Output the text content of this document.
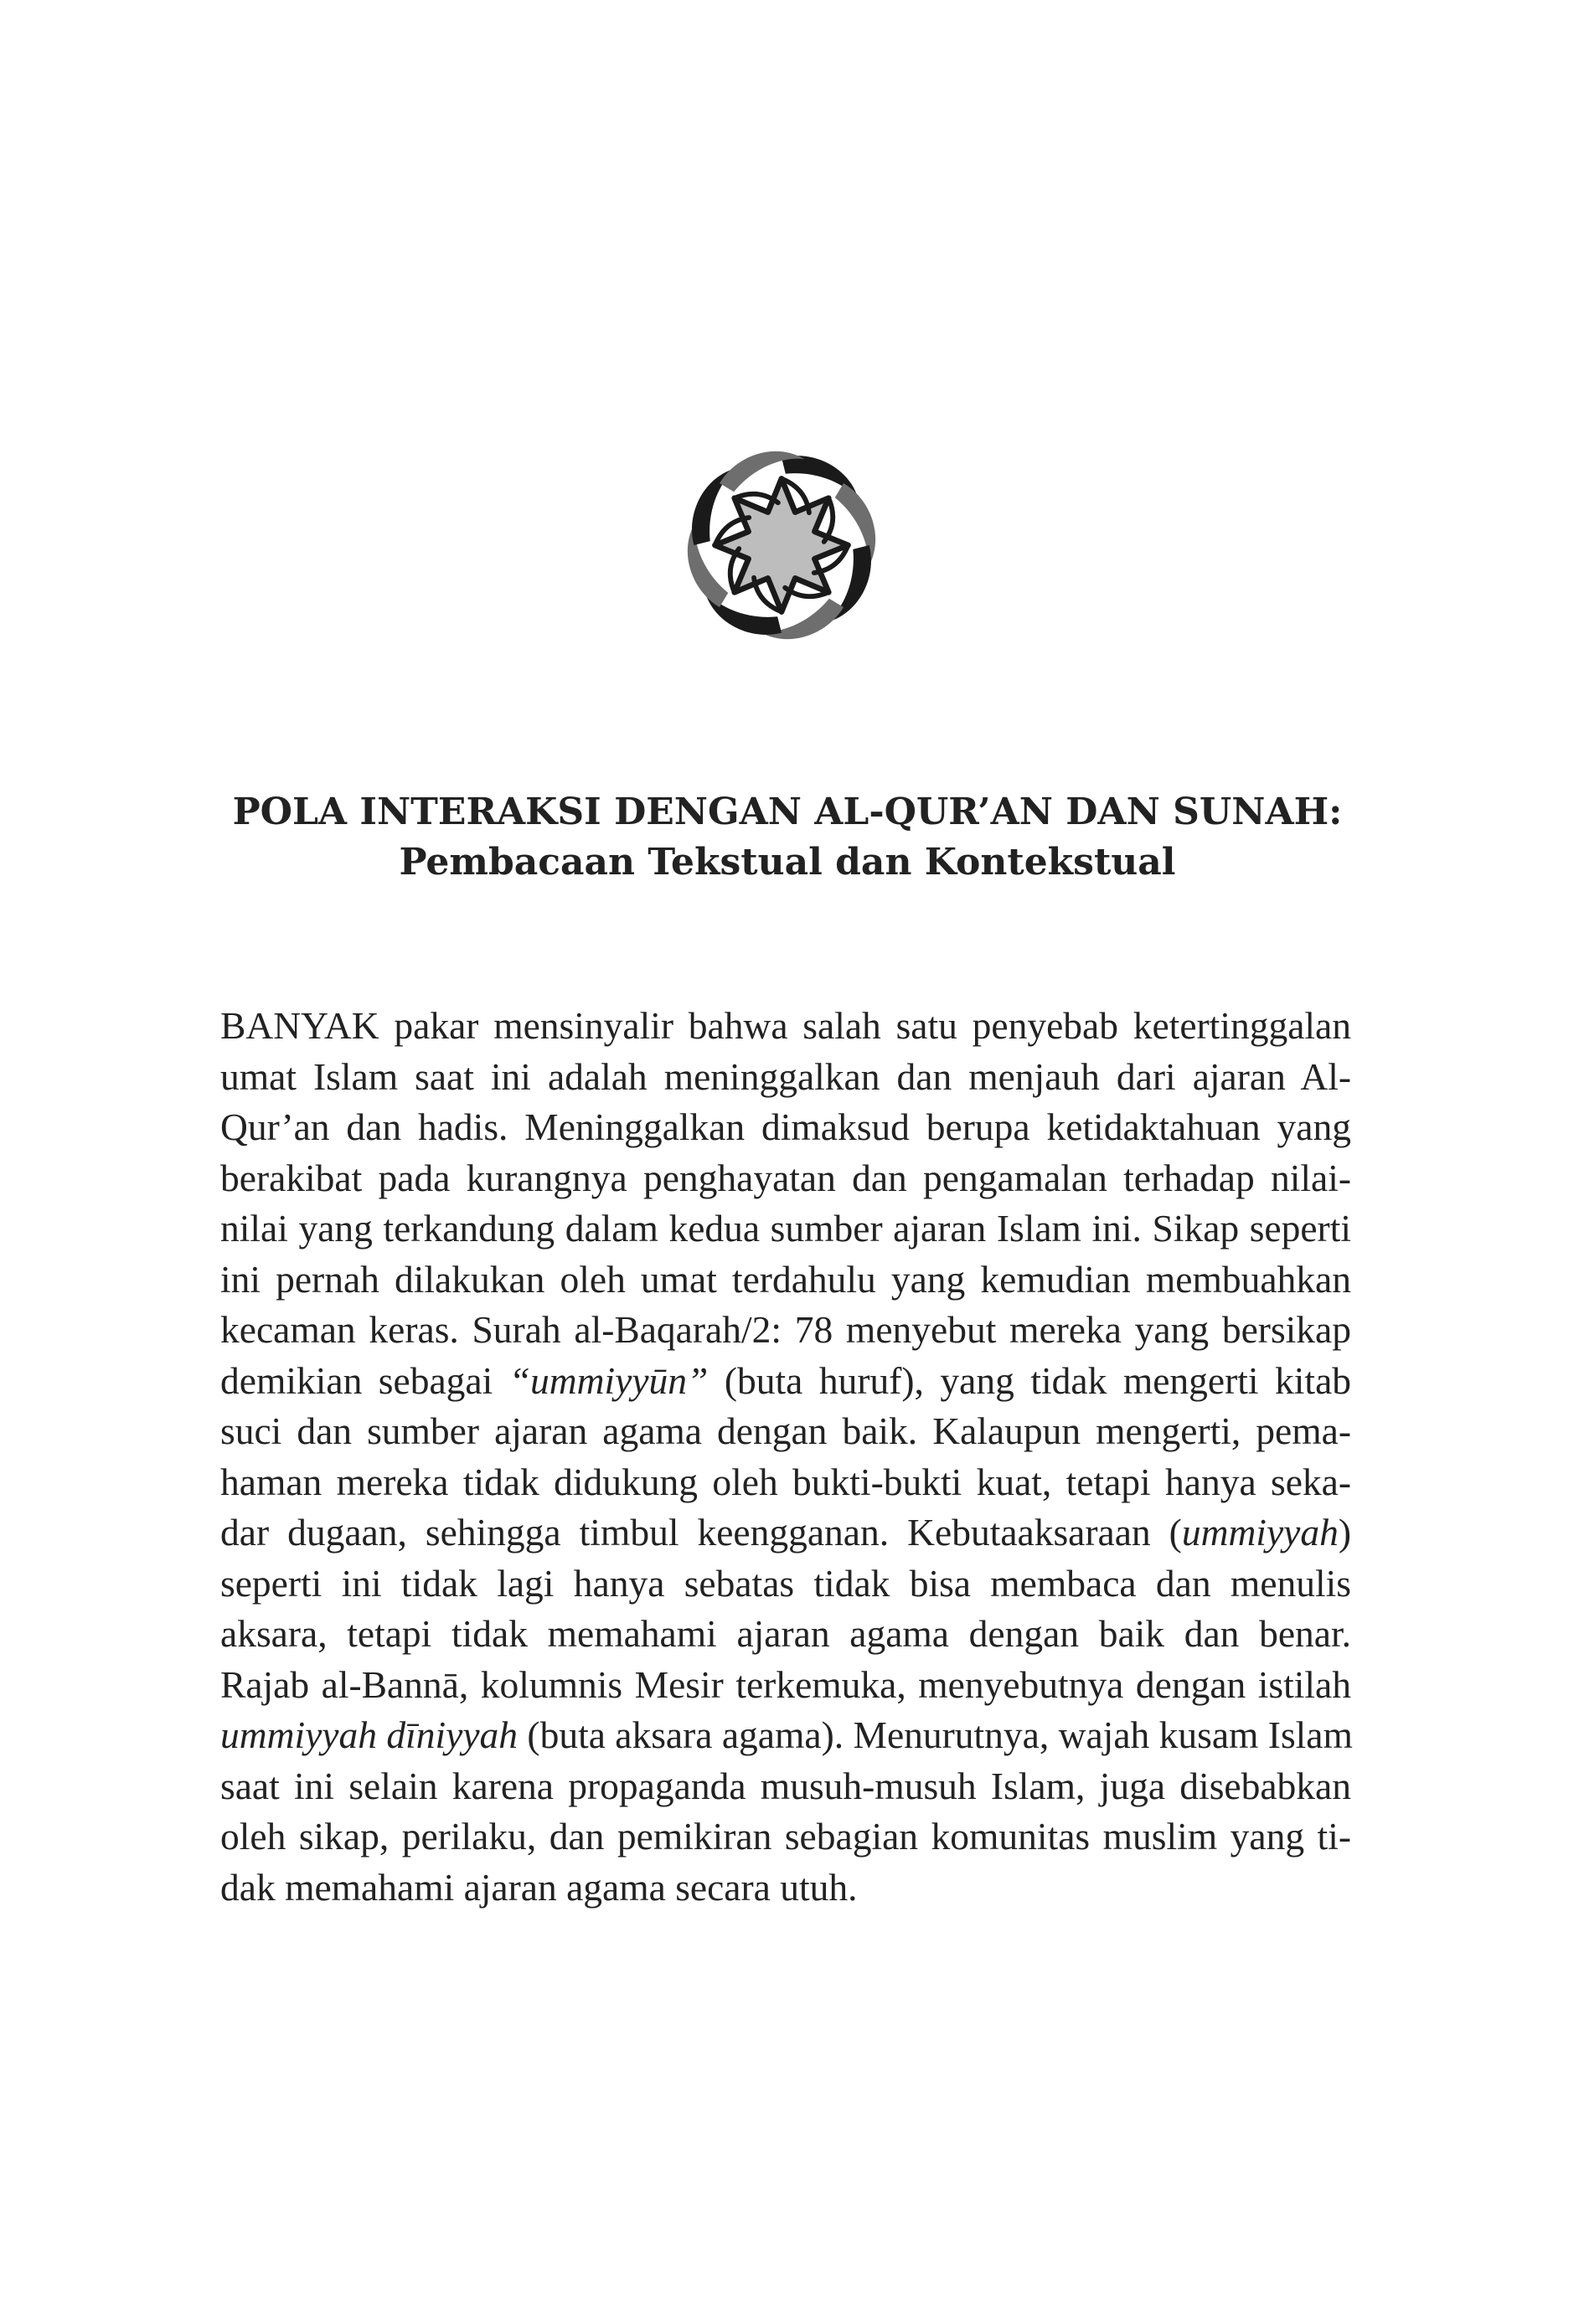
POLA INTERAKSI DENGAN AL-QUR’AN DAN SUNAH:
Pembacaan Tekstual dan Kontekstual
BANYAK pakar mensinyalir bahwa salah satu penyebab ketertinggalan
umat Islam saat ini adalah meninggalkan dan menjauh dari ajaran Al-
Qur’an dan hadis. Meninggalkan dimaksud berupa ketidaktahuan yang
berakibat pada kurangnya penghayatan dan pengamalan terhadap nilai-
nilai yang terkandung dalam kedua sumber ajaran Islam ini. Sikap seperti
ini pernah dilakukan oleh umat terdahulu yang kemudian membuahkan
kecaman keras. Surah al-Baqarah/2: 78 menyebut mereka yang bersikap
demikian sebagai “ummiyyūn” (buta huruf), yang tidak mengerti kitab
suci dan sumber ajaran agama dengan baik. Kalaupun mengerti, pema-
haman mereka tidak didukung oleh bukti-bukti kuat, tetapi hanya seka-
dar dugaan, sehingga timbul keengganan. Kebutaaksaraan (ummiyyah)
seperti ini tidak lagi hanya sebatas tidak bisa membaca dan menulis
aksara, tetapi tidak memahami ajaran agama dengan baik dan benar.
Rajab al-Bannā, kolumnis Mesir terkemuka, menyebutnya dengan istilah
ummiyyah dīniyyah (buta aksara agama). Menurutnya, wajah kusam Islam
saat ini selain karena propaganda musuh-musuh Islam, juga disebabkan
oleh sikap, perilaku, dan pemikiran sebagian komunitas muslim yang ti-
dak memahami ajaran agama secara utuh.
